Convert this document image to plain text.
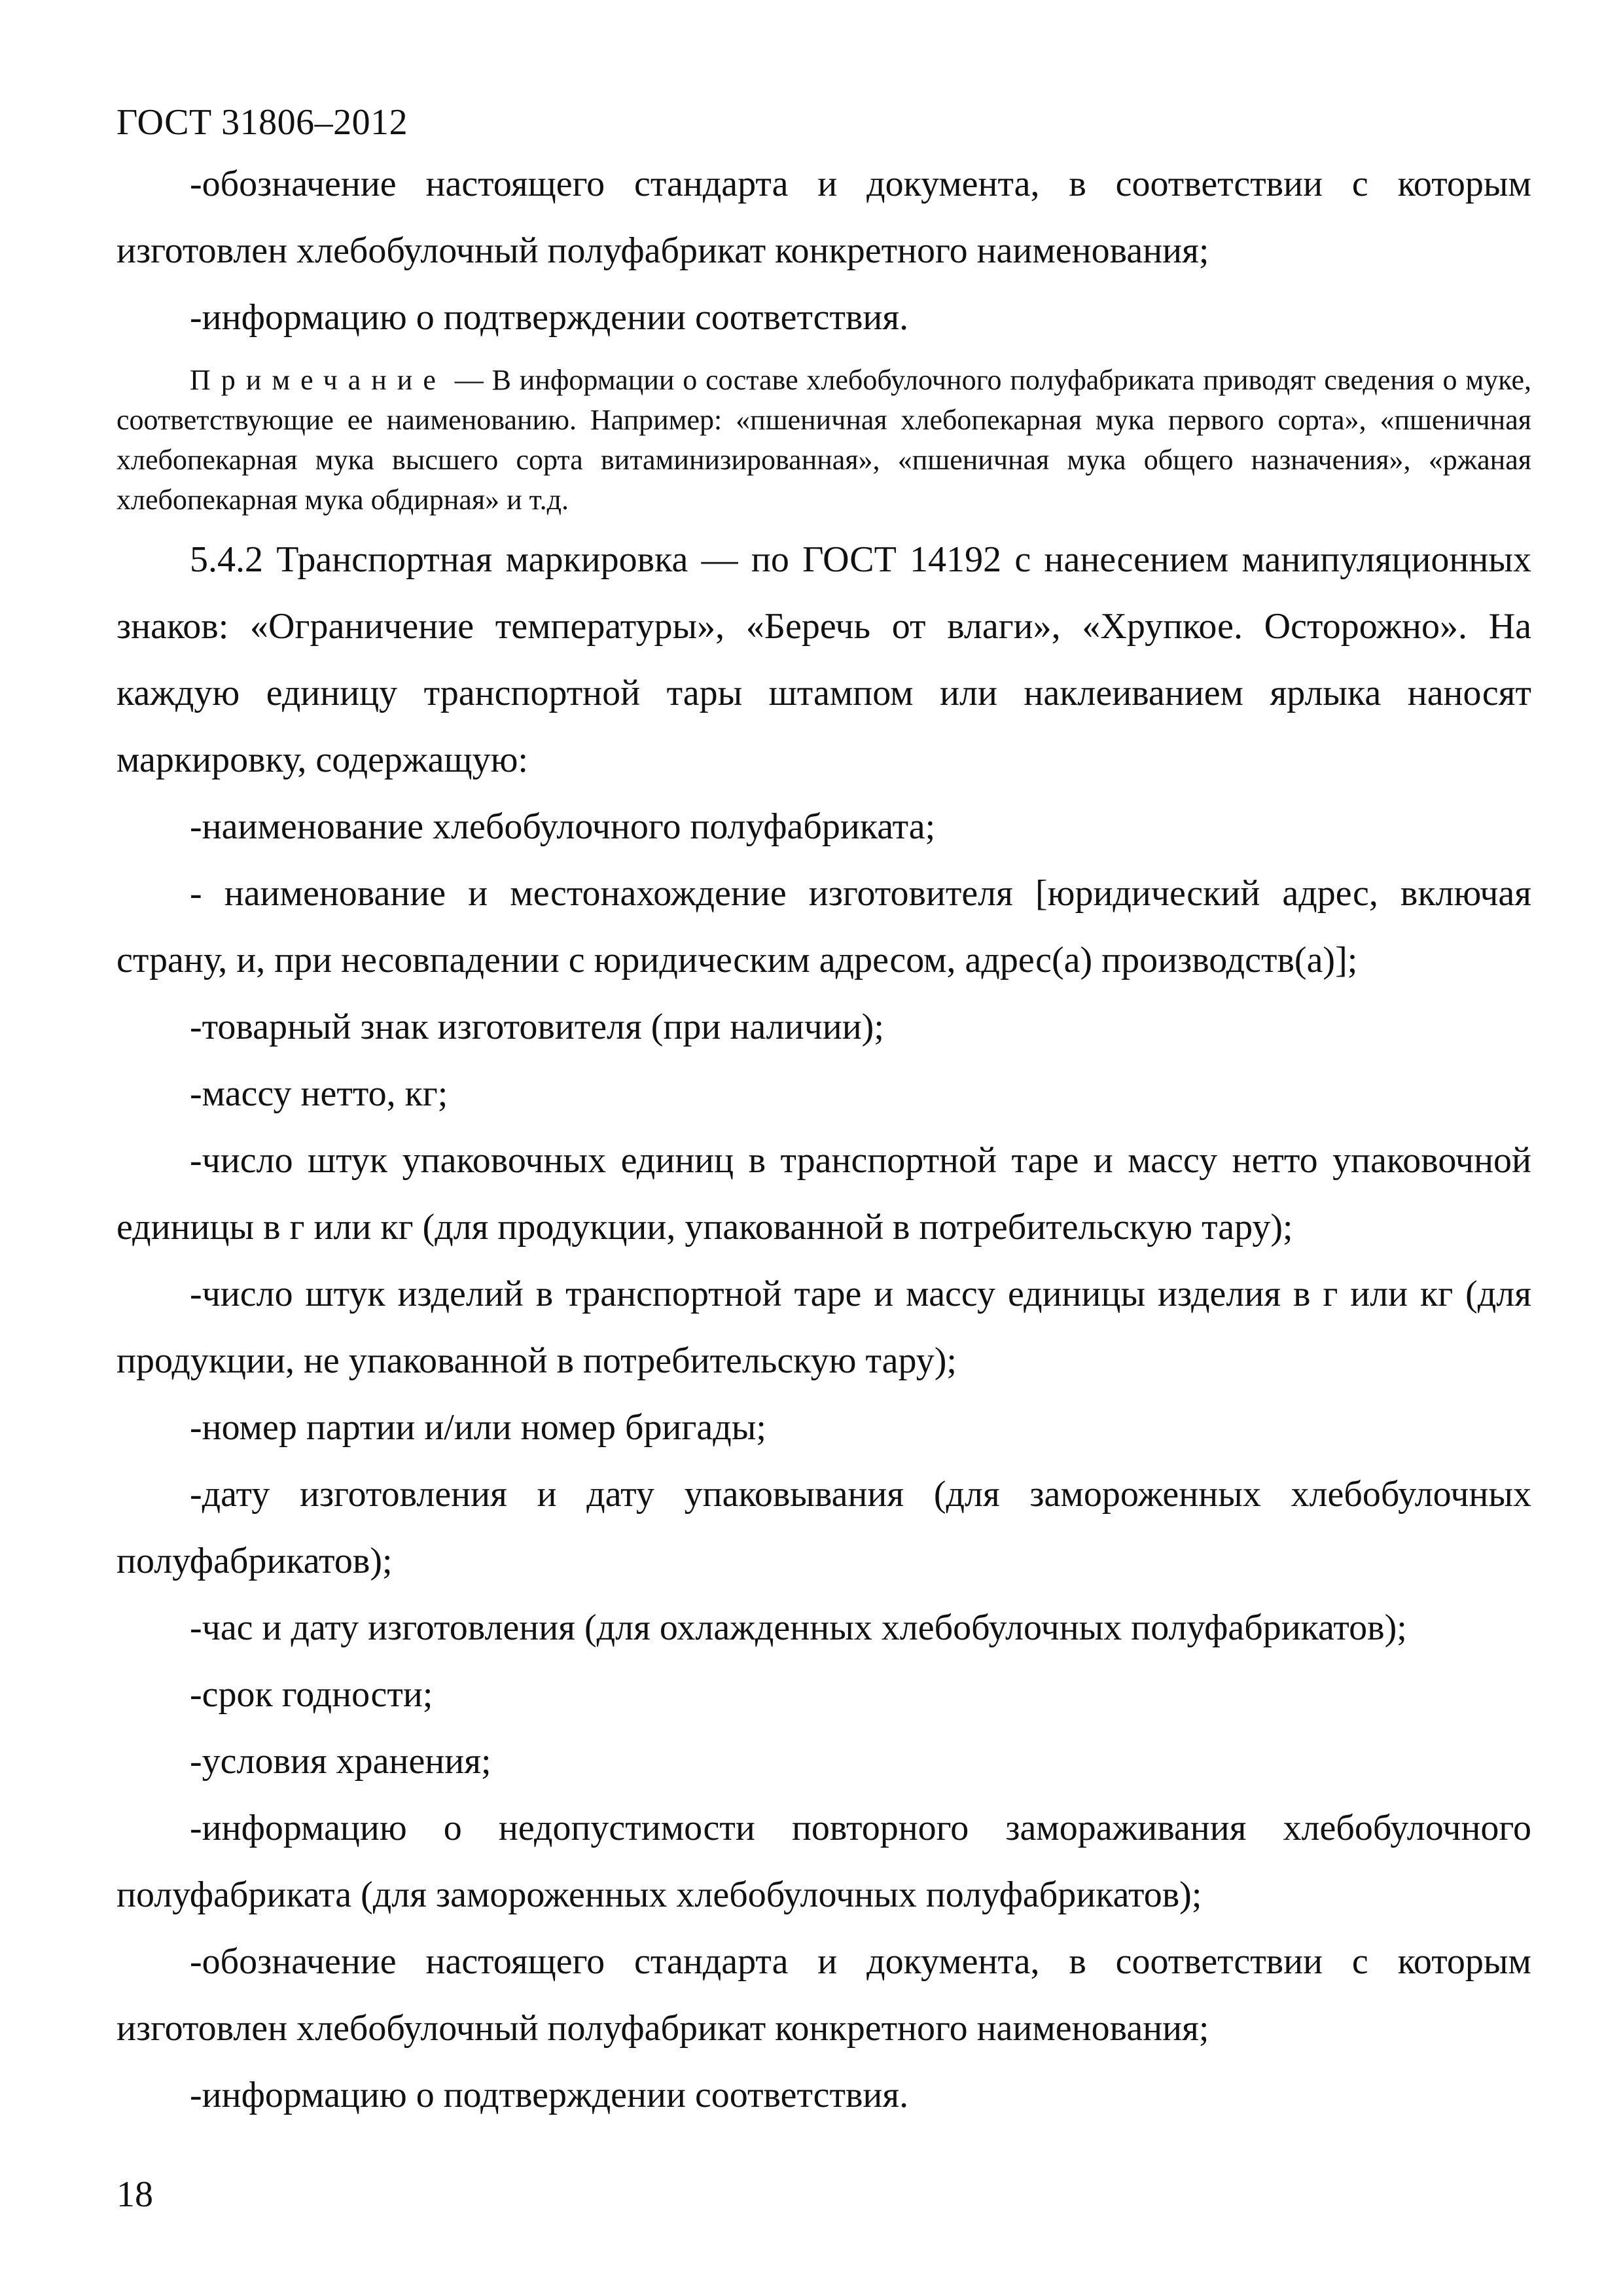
ГОСТ 31806–2012

-обозначение настоящего стандарта и документа, в соответствии с которым изготовлен хлебобулочный полуфабрикат конкретного наименования;

-информацию о подтверждении соответствия.

Примечание — В информации о составе хлебобулочного полуфабриката приводят сведения о муке, соответствующие ее наименованию. Например: «пшеничная хлебопекарная мука первого сорта», «пшеничная хлебопекарная мука высшего сорта витаминизированная», «пшеничная мука общего назначения», «ржаная хлебопекарная мука обдирная» и т.д.

5.4.2 Транспортная маркировка — по ГОСТ 14192 с нанесением манипуляционных знаков: «Ограничение температуры», «Беречь от влаги», «Хрупкое. Осторожно». На каждую единицу транспортной тары штампом или наклеиванием ярлыка наносят маркировку, содержащую:

-наименование хлебобулочного полуфабриката;

- наименование и местонахождение изготовителя [юридический адрес, включая страну, и, при несовпадении с юридическим адресом, адрес(а) производств(а)];

-товарный знак изготовителя (при наличии);

-массу нетто, кг;

-число штук упаковочных единиц в транспортной таре и массу нетто упаковочной единицы в г или кг (для продукции, упакованной в потребительскую тару);

-число штук изделий в транспортной таре и массу единицы изделия в г или кг (для продукции, не упакованной в потребительскую тару);

-номер партии и/или номер бригады;

-дату изготовления и дату упаковывания (для замороженных хлебобулочных полуфабрикатов);

-час и дату изготовления (для охлажденных хлебобулочных полуфабрикатов);

-срок годности;

-условия хранения;

-информацию о недопустимости повторного замораживания хлебобулочного полуфабриката (для замороженных хлебобулочных полуфабрикатов);

-обозначение настоящего стандарта и документа, в соответствии с которым изготовлен хлебобулочный полуфабрикат конкретного наименования;

-информацию о подтверждении соответствия.

18
